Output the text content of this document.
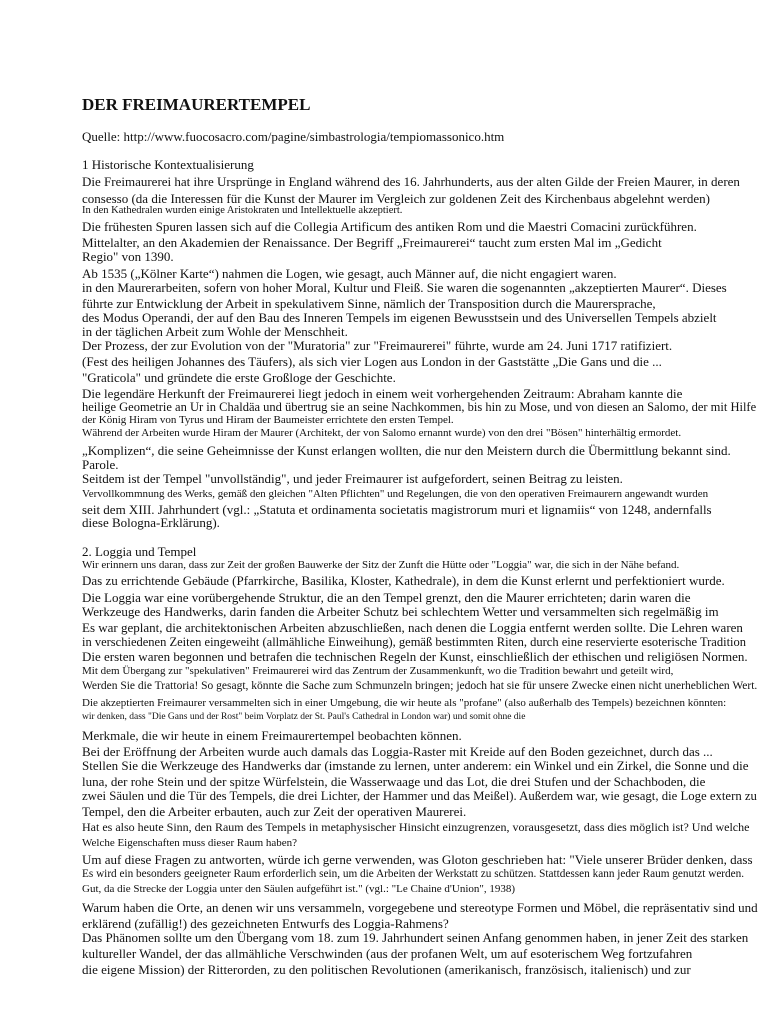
DER FREIMAURERTEMPEL
Quelle: http://www.fuocosacro.com/pagine/simbastrologia/tempiomassonico.htm
1 Historische Kontextualisierung
Die Freimaurerei hat ihre Ursprünge in England während des 16. Jahrhunderts, aus der alten Gilde der Freien Maurer, in deren
consesso (da die Interessen für die Kunst der Maurer im Vergleich zur goldenen Zeit des Kirchenbaus abgelehnt werden)
In den Kathedralen wurden einige Aristokraten und Intellektuelle akzeptiert.
Die frühesten Spuren lassen sich auf die Collegia Artificum des antiken Rom und die Maestri Comacini zurückführen.
Mittelalter, an den Akademien der Renaissance. Der Begriff „Freimaurerei“ taucht zum ersten Mal im „Gedicht
Regio" von 1390.
Ab 1535 („Kölner Karte“) nahmen die Logen, wie gesagt, auch Männer auf, die nicht engagiert waren.
in den Maurerarbeiten, sofern von hoher Moral, Kultur und Fleiß. Sie waren die sogenannten „akzeptierten Maurer“. Dieses
führte zur Entwicklung der Arbeit in spekulativem Sinne, nämlich der Transposition durch die Maurersprache,
des Modus Operandi, der auf den Bau des Inneren Tempels im eigenen Bewusstsein und des Universellen Tempels abzielt
in der täglichen Arbeit zum Wohle der Menschheit.
Der Prozess, der zur Evolution von der "Muratoria" zur "Freimaurerei" führte, wurde am 24. Juni 1717 ratifiziert.
(Fest des heiligen Johannes des Täufers), als sich vier Logen aus London in der Gaststätte „Die Gans und die ...
"Graticola" und gründete die erste Großloge der Geschichte.
Die legendäre Herkunft der Freimaurerei liegt jedoch in einem weit vorhergehenden Zeitraum: Abraham kannte die
heilige Geometrie an Ur in Chaldäa und übertrug sie an seine Nachkommen, bis hin zu Mose, und von diesen an Salomo, der mit Hilfe
der König Hiram von Tyrus und Hiram der Baumeister errichtete den ersten Tempel.
Während der Arbeiten wurde Hiram der Maurer (Architekt, der von Salomo ernannt wurde) von den drei "Bösen" hinterhältig ermordet.
„Komplizen“, die seine Geheimnisse der Kunst erlangen wollten, die nur den Meistern durch die Übermittlung bekannt sind.
Parole.
Seitdem ist der Tempel "unvollständig", und jeder Freimaurer ist aufgefordert, seinen Beitrag zu leisten.
Vervollkommnung des Werks, gemäß den gleichen "Alten Pflichten" und Regelungen, die von den operativen Freimaurern angewandt wurden
seit dem XIII. Jahrhundert (vgl.: „Statuta et ordinamenta societatis magistrorum muri et lignamiis“ von 1248, andernfalls
diese Bologna-Erklärung).
2. Loggia und Tempel
Wir erinnern uns daran, dass zur Zeit der großen Bauwerke der Sitz der Zunft die Hütte oder "Loggia" war, die sich in der Nähe befand.
Das zu errichtende Gebäude (Pfarrkirche, Basilika, Kloster, Kathedrale), in dem die Kunst erlernt und perfektioniert wurde.
Die Loggia war eine vorübergehende Struktur, die an den Tempel grenzt, den die Maurer errichteten; darin waren die
Werkzeuge des Handwerks, darin fanden die Arbeiter Schutz bei schlechtem Wetter und versammelten sich regelmäßig im
Es war geplant, die architektonischen Arbeiten abzuschließen, nach denen die Loggia entfernt werden sollte. Die Lehren waren
in verschiedenen Zeiten eingeweiht (allmähliche Einweihung), gemäß bestimmten Riten, durch eine reservierte esoterische Tradition
Die ersten waren begonnen und betrafen die technischen Regeln der Kunst, einschließlich der ethischen und religiösen Normen.
Mit dem Übergang zur "spekulativen" Freimaurerei wird das Zentrum der Zusammenkunft, wo die Tradition bewahrt und geteilt wird,
Werden Sie die Trattoria! So gesagt, könnte die Sache zum Schmunzeln bringen; jedoch hat sie für unsere Zwecke einen nicht unerheblichen Wert.
Die akzeptierten Freimaurer versammelten sich in einer Umgebung, die wir heute als "profane" (also außerhalb des Tempels) bezeichnen könnten:
wir denken, dass "Die Gans und der Rost" beim Vorplatz der St. Paul's Cathedral in London war) und somit ohne die
Merkmale, die wir heute in einem Freimaurertempel beobachten können.
Bei der Eröffnung der Arbeiten wurde auch damals das Loggia-Raster mit Kreide auf den Boden gezeichnet, durch das ...
Stellen Sie die Werkzeuge des Handwerks dar (imstande zu lernen, unter anderem: ein Winkel und ein Zirkel, die Sonne und die
luna, der rohe Stein und der spitze Würfelstein, die Wasserwaage und das Lot, die drei Stufen und der Schachboden, die
zwei Säulen und die Tür des Tempels, die drei Lichter, der Hammer und das Meißel). Außerdem war, wie gesagt, die Loge extern zu
Tempel, den die Arbeiter erbauten, auch zur Zeit der operativen Maurerei.
Hat es also heute Sinn, den Raum des Tempels in metaphysischer Hinsicht einzugrenzen, vorausgesetzt, dass dies möglich ist? Und welche
Welche Eigenschaften muss dieser Raum haben?
Um auf diese Fragen zu antworten, würde ich gerne verwenden, was Gloton geschrieben hat: "Viele unserer Brüder denken, dass
Es wird ein besonders geeigneter Raum erforderlich sein, um die Arbeiten der Werkstatt zu schützen. Stattdessen kann jeder Raum genutzt werden.
Gut, da die Strecke der Loggia unter den Säulen aufgeführt ist." (vgl.: "Le Chaine d'Union", 1938)
Warum haben die Orte, an denen wir uns versammeln, vorgegebene und stereotype Formen und Möbel, die repräsentativ sind und
erklärend (zufällig!) des gezeichneten Entwurfs des Loggia-Rahmens?
Das Phänomen sollte um den Übergang vom 18. zum 19. Jahrhundert seinen Anfang genommen haben, in jener Zeit des starken
kultureller Wandel, der das allmähliche Verschwinden (aus der profanen Welt, um auf esoterischem Weg fortzufahren
die eigene Mission) der Ritterorden, zu den politischen Revolutionen (amerikanisch, französisch, italienisch) und zur
